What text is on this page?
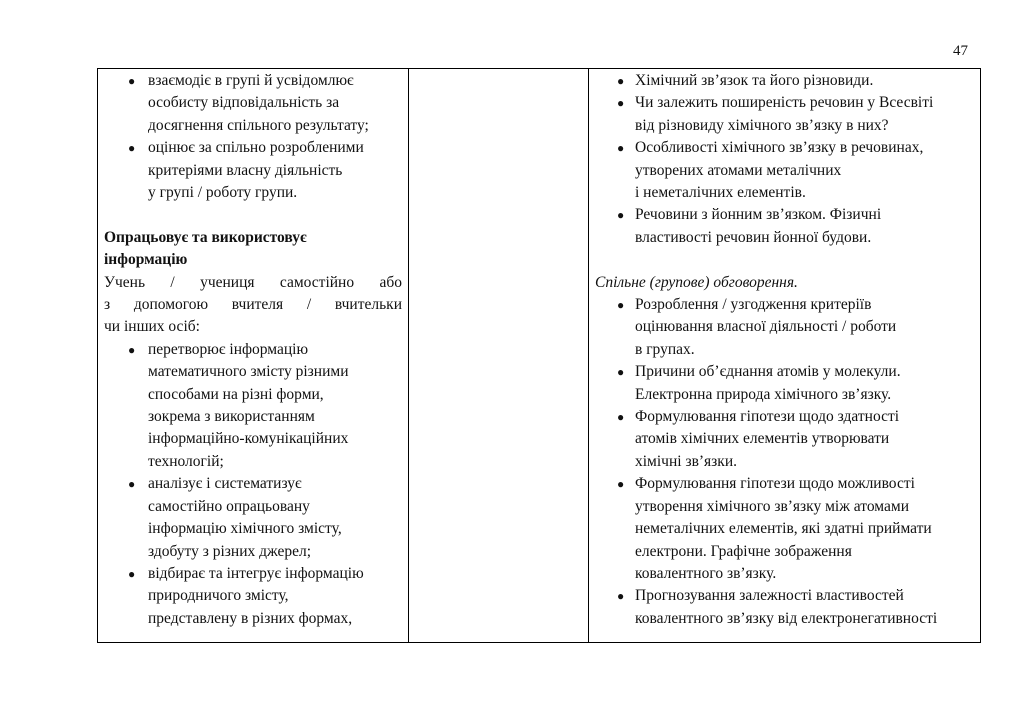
47
● взаємодіє в групі й усвідомлює
особисту відповідальність за
досягнення спільного результату;
● оцінює за спільно розробленими
критеріями власну діяльність
у групі / роботу групи.
Опрацьовує та використовує
інформацію
Учень / учениця самостійно або
з допомогою вчителя / вчительки
чи інших осіб:
● перетворює інформацію
математичного змісту різними
способами на різні форми,
зокрема з використанням
інформаційно-комунікаційних
технологій;
● аналізує і систематизує
самостійно опрацьовану
інформацію хімічного змісту,
здобуту з різних джерел;
● відбирає та інтегрує інформацію
природничого змісту,
представлену в різних формах,
● Хімічний зв’язок та його різновиди.
● Чи залежить поширеність речовин у Всесвіті
від різновиду хімічного зв’язку в них?
● Особливості хімічного зв’язку в речовинах,
утворених атомами металічних
і неметалічних елементів.
● Речовини з йонним зв’язком. Фізичні
властивості речовин йонної будови.
Спільне (групове) обговорення.
● Розроблення / узгодження критеріїв
оцінювання власної діяльності / роботи
в групах.
● Причини об’єднання атомів у молекули.
Електронна природа хімічного зв’язку.
● Формулювання гіпотези щодо здатності
атомів хімічних елементів утворювати
хімічні зв’язки.
● Формулювання гіпотези щодо можливості
утворення хімічного зв’язку між атомами
неметалічних елементів, які здатні приймати
електрони. Графічне зображення
ковалентного зв’язку.
● Прогнозування залежності властивостей
ковалентного зв’язку від електронегативності
